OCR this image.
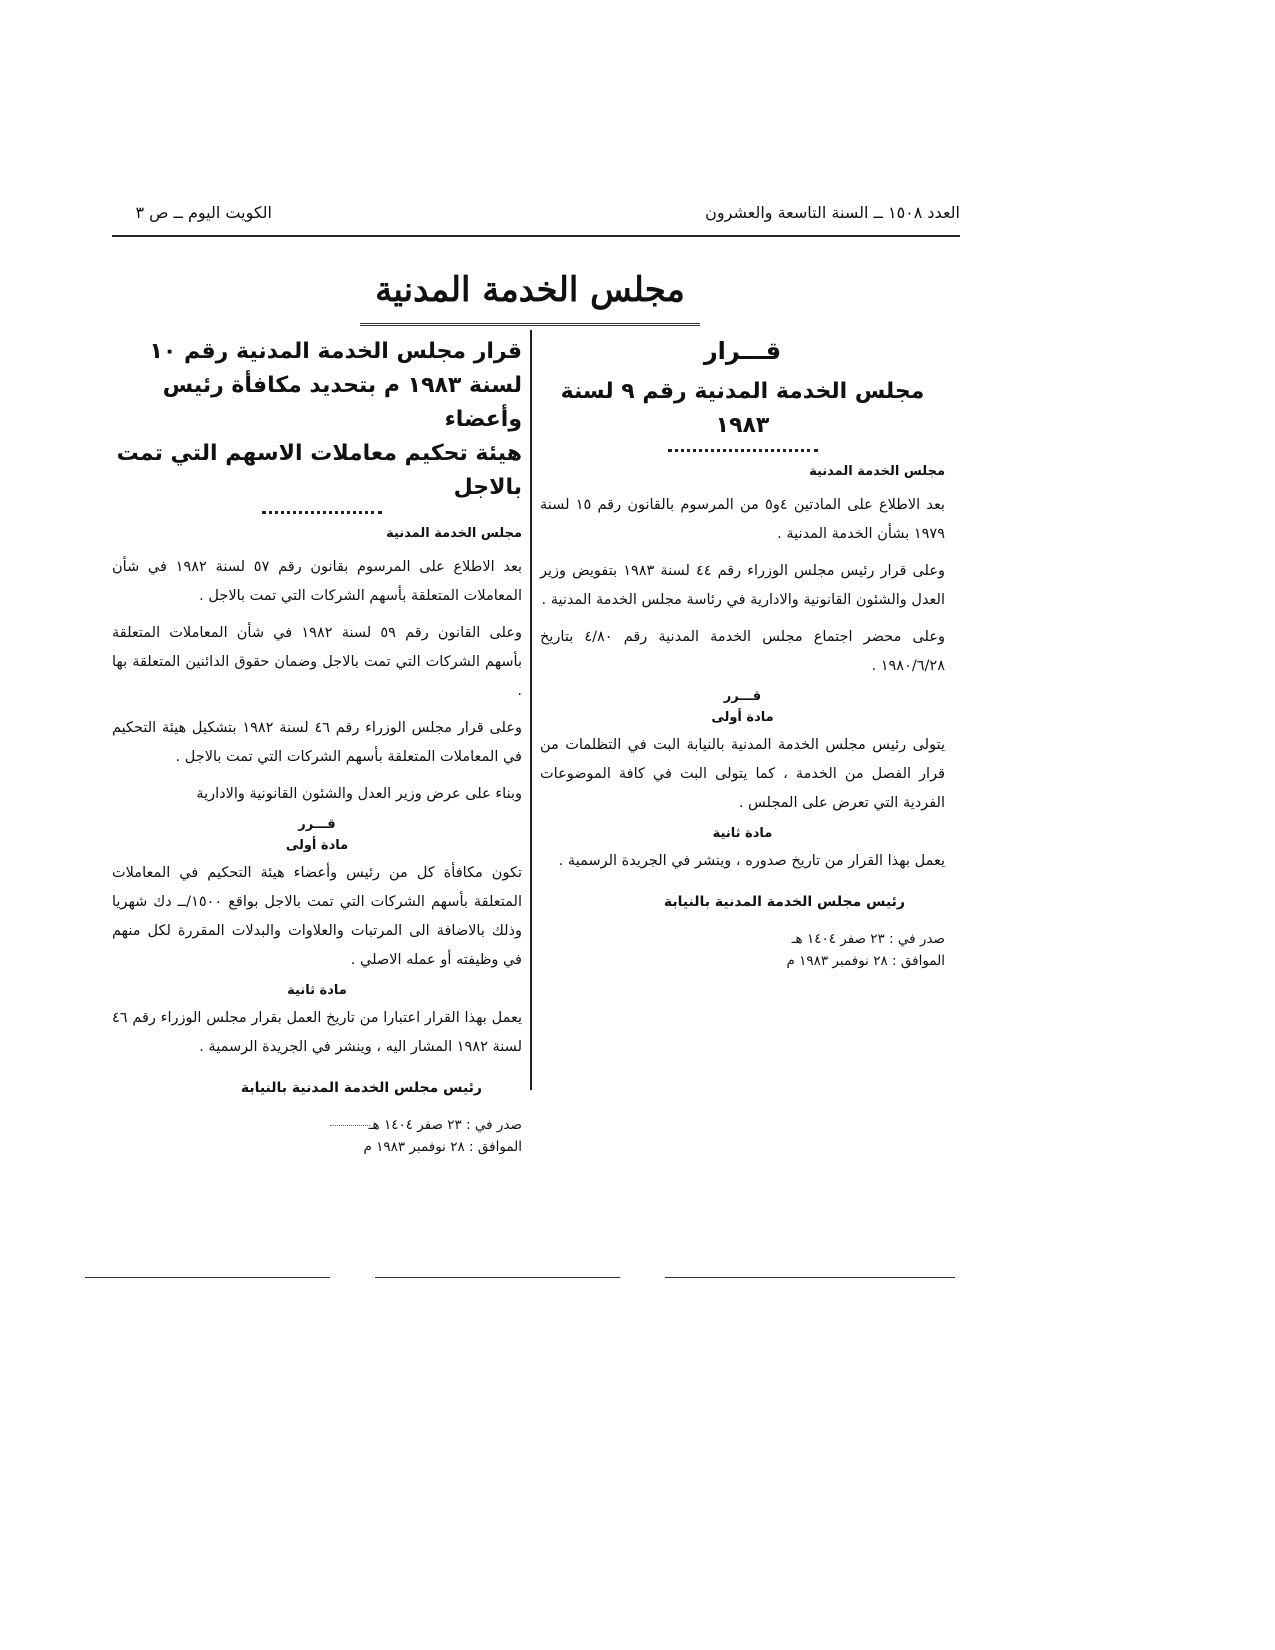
العدد ١٥٠٨ ــ السنة التاسعة والعشرون
الكويت اليوم ــ ص ٣
مجلس الخدمة المدنية
قـــرار
مجلس الخدمة المدنية رقم ٩ لسنة ١٩٨٣
مجلس الخدمة المدنية

بعد الاطلاع على المادتين ٤و٥ من المرسوم بالقانون رقم ١٥ لسنة ١٩٧٩ بشأن الخدمة المدنية .

وعلى قرار رئيس مجلس الوزراء رقم ٤٤ لسنة ١٩٨٣ بتفويض وزير العدل والشئون القانونية والادارية في رئاسة مجلس الخدمة المدنية .

وعلى محضر اجتماع مجلس الخدمة المدنية رقم ٤/٨٠ بتاريخ ١٩٨٠/٦/٢٨ .

قـــرر
مادة أولى

يتولى رئيس مجلس الخدمة المدنية بالنيابة البت في التظلمات من قرار الفصل من الخدمة ، كما يتولى البت في كافة الموضوعات الفردية التي تعرض على المجلس .

مادة ثانية

يعمل بهذا القرار من تاريخ صدوره ، وينشر في الجريدة الرسمية .

رئيس مجلس الخدمة المدنية بالنيابة
صدر في : ٢٣ صفر ١٤٠٤ هـ
الموافق : ٢٨ نوفمبر ١٩٨٣ م
قرار مجلس الخدمة المدنية رقم ١٠
لسنة ١٩٨٣ م بتحديد مكافأة رئيس وأعضاء
هيئة تحكيم معاملات الاسهم التي تمت بالاجل
مجلس الخدمة المدنية

بعد الاطلاع على المرسوم بقانون رقم ٥٧ لسنة ١٩٨٢ في شأن المعاملات المتعلقة بأسهم الشركات التي تمت بالاجل .

وعلى القانون رقم ٥٩ لسنة ١٩٨٢ في شأن المعاملات المتعلقة بأسهم الشركات التي تمت بالاجل وضمان حقوق الدائنين المتعلقة بها .

وعلى قرار مجلس الوزراء رقم ٤٦ لسنة ١٩٨٢ بتشكيل هيئة التحكيم في المعاملات المتعلقة بأسهم الشركات التي تمت بالاجل .

وبناء على عرض وزير العدل والشئون القانونية والادارية

قـــرر
مادة أولى

تكون مكافأة كل من رئيس وأعضاء هيئة التحكيم في المعاملات المتعلقة بأسهم الشركات التي تمت بالاجل بواقع ١٥٠٠/ــ دك شهريا وذلك بالاضافة الى المرتبات والعلاوات والبدلات المقررة لكل منهم في وظيفته أو عمله الاصلي .

مادة ثانية

يعمل بهذا القرار اعتبارا من تاريخ العمل بقرار مجلس الوزراء رقم ٤٦ لسنة ١٩٨٢ المشار اليه ، وينشر في الجريدة الرسمية .

رئيس مجلس الخدمة المدنية بالنيابة
صدر في : ٢٣ صفر ١٤٠٤ هـ
الموافق : ٢٨ نوفمبر ١٩٨٣ م
